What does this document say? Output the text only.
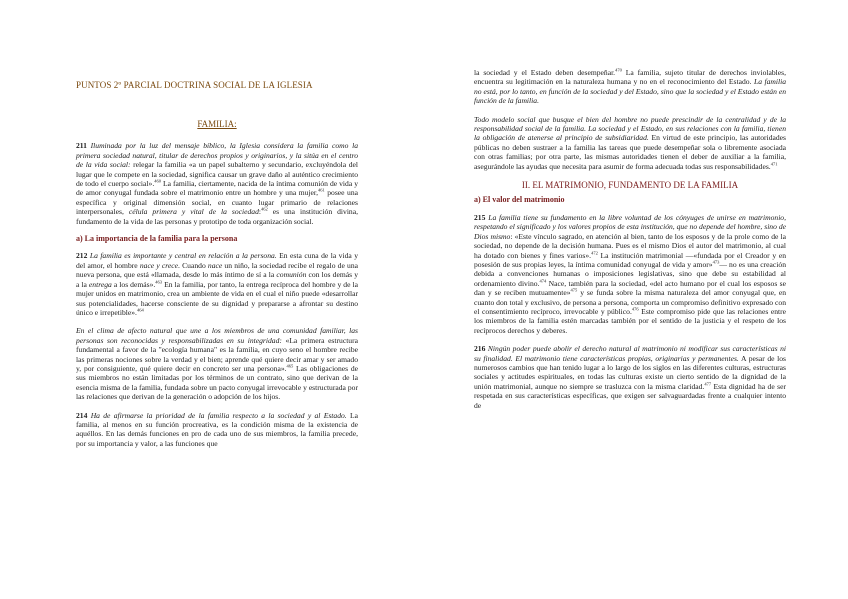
PUNTOS 2º PARCIAL DOCTRINA SOCIAL DE LA IGLESIA
FAMILIA:

211 Iluminada por la luz del mensaje bíblico, la Iglesia considera la familia como la primera sociedad natural, titular de derechos propios y originarios, y la sitúa en el centro de la vida social: relegar la familia «a un papel subalterno y secundario, excluyéndola del lugar que le compete en la sociedad, significa causar un grave daño al auténtico crecimiento de todo el cuerpo social».$^{460}$ La familia, ciertamente, nacida de la íntima comunión de vida y de amor conyugal fundada sobre el matrimonio entre un hombre y una mujer,$^{461}$ posee una específica y original dimensión social, en cuanto lugar primario de relaciones interpersonales, célula primera y vital de la sociedad:$^{462}$ es una institución divina, fundamento de la vida de las personas y prototipo de toda organización social.

a) La importancia de la familia para la persona

212 La familia es importante y central en relación a la persona. En esta cuna de la vida y del amor, el hombre nace y crece. Cuando nace un niño, la sociedad recibe el regalo de una nueva persona, que está «llamada, desde lo más íntimo de sí a la comunión con los demás y a la entrega a los demás».$^{463}$ En la familia, por tanto, la entrega recíproca del hombre y de la mujer unidos en matrimonio, crea un ambiente de vida en el cual el niño puede «desarrollar sus potencialidades, hacerse consciente de su dignidad y prepararse a afrontar su destino único e irrepetible».$^{464}$

En el clima de afecto natural que une a los miembros de una comunidad familiar, las personas son reconocidas y responsabilizadas en su integridad: «La primera estructura fundamental a favor de la "ecología humana" es la familia, en cuyo seno el hombre recibe las primeras nociones sobre la verdad y el bien; aprende qué quiere decir amar y ser amado y, por consiguiente, qué quiere decir en concreto ser una persona».$^{465}$ Las obligaciones de sus miembros no están limitadas por los términos de un contrato, sino que derivan de la esencia misma de la familia, fundada sobre un pacto conyugal irrevocable y estructurada por las relaciones que derivan de la generación o adopción de los hijos.

214 Ha de afirmarse la prioridad de la familia respecto a la sociedad y al Estado. La familia, al menos en su función procreativa, es la condición misma de la existencia de aquéllos. En las demás funciones en pro de cada uno de sus miembros, la familia precede, por su importancia y valor, a las funciones que

la sociedad y el Estado deben desempeñar.$^{470}$ La familia, sujeto titular de derechos inviolables, encuentra su legitimación en la naturaleza humana y no en el reconocimiento del Estado. La familia no está, por lo tanto, en función de la sociedad y del Estado, sino que la sociedad y el Estado están en función de la familia.

Todo modelo social que busque el bien del hombre no puede prescindir de la centralidad y de la responsabilidad social de la familia. La sociedad y el Estado, en sus relaciones con la familia, tienen la obligación de atenerse al principio de subsidiaridad. En virtud de este principio, las autoridades públicas no deben sustraer a la familia las tareas que puede desempeñar sola o libremente asociada con otras familias; por otra parte, las mismas autoridades tienen el deber de auxiliar a la familia, asegurándole las ayudas que necesita para asumir de forma adecuada todas sus responsabilidades.$^{471}$

II. EL MATRIMONIO, FUNDAMENTO DE LA FAMILIA
a) El valor del matrimonio

215 La familia tiene su fundamento en la libre voluntad de los cónyuges de unirse en matrimonio, respetando el significado y los valores propios de esta institución, que no depende del hombre, sino de Dios mismo: «Este vínculo sagrado, en atención al bien, tanto de los esposos y de la prole como de la sociedad, no depende de la decisión humana. Pues es el mismo Dios el autor del matrimonio, al cual ha dotado con bienes y fines varios».$^{472}$ La institución matrimonial —«fundada por el Creador y en posesión de sus propias leyes, la íntima comunidad conyugal de vida y amor»$^{473}$— no es una creación debida a convenciones humanas o imposiciones legislativas, sino que debe su estabilidad al ordenamiento divino.$^{474}$ Nace, también para la sociedad, «del acto humano por el cual los esposos se dan y se reciben mutuamente»$^{475}$ y se funda sobre la misma naturaleza del amor conyugal que, en cuanto don total y exclusivo, de persona a persona, comporta un compromiso definitivo expresado con el consentimiento recíproco, irrevocable y público.$^{476}$ Este compromiso pide que las relaciones entre los miembros de la familia estén marcadas también por el sentido de la justicia y el respeto de los recíprocos derechos y deberes.

216 Ningún poder puede abolir el derecho natural al matrimonio ni modificar sus características ni su finalidad. El matrimonio tiene características propias, originarias y permanentes. A pesar de los numerosos cambios que han tenido lugar a lo largo de los siglos en las diferentes culturas, estructuras sociales y actitudes espirituales, en todas las culturas existe un cierto sentido de la dignidad de la unión matrimonial, aunque no siempre se trasluzca con la misma claridad.$^{477}$ Esta dignidad ha de ser respetada en sus características específicas, que exigen ser salvaguardadas frente a cualquier intento de
